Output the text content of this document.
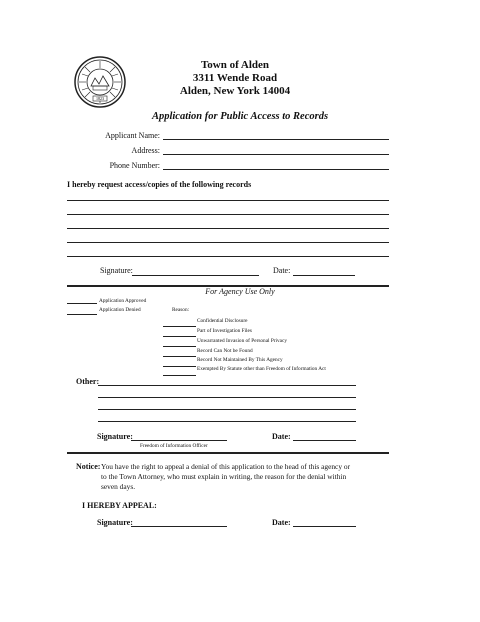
1823
Town of Alden
3311 Wende Road
Alden, New York 14004
Application for Public Access to Records
Applicant Name:
Address:
Phone Number:
I hereby request access/copies of the following records
Signature:	Date:
For Agency Use Only
Application Approved
Application Denied	Reason:
Confidential Disclosure
Part of Investigation Files
Unwarranted Invasion of Personal Privacy
Record Can Not be Found
Record Not Maintained By This Agency
Exempted By Statute other than Freedom of Information Act
Other:
Signature:	Date:
Freedom of Information Officer
Notice: You have the right to appeal a denial of this application to the head of this agency or
to the Town Attorney, who must explain in writing, the reason for the denial within
seven days.
I HEREBY APPEAL:
Signature:	Date:
